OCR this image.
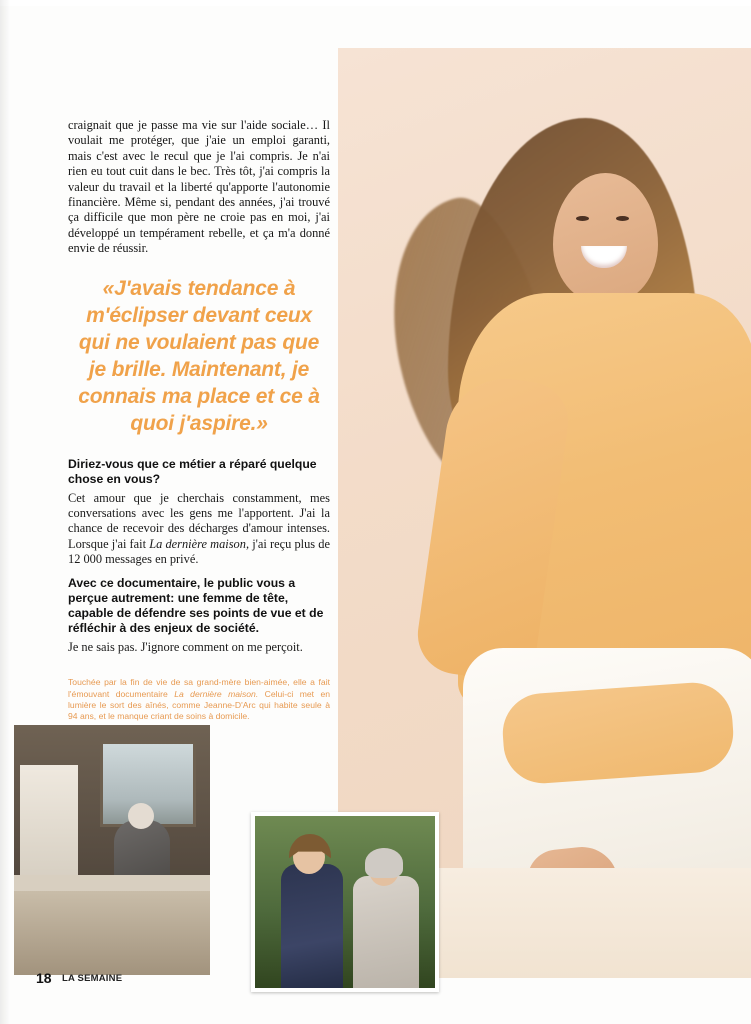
craignait que je passe ma vie sur l'aide sociale… Il voulait me protéger, que j'aie un emploi garanti, mais c'est avec le recul que je l'ai compris. Je n'ai rien eu tout cuit dans le bec. Très tôt, j'ai compris la valeur du travail et la liberté qu'apporte l'autonomie financière. Même si, pendant des années, j'ai trouvé ça difficile que mon père ne croie pas en moi, j'ai développé un tempérament rebelle, et ça m'a donné envie de réussir.

«J'avais tendance à m'éclipser devant ceux qui ne voulaient pas que je brille. Maintenant, je connais ma place et ce à quoi j'aspire.»

Diriez-vous que ce métier a réparé quelque chose en vous?

Cet amour que je cherchais constamment, mes conversations avec les gens me l'apportent. J'ai la chance de recevoir des décharges d'amour intenses. Lorsque j'ai fait La dernière maison, j'ai reçu plus de 12 000 messages en privé.

Avec ce documentaire, le public vous a perçue autrement: une femme de tête, capable de défendre ses points de vue et de réfléchir à des enjeux de société.

Je ne sais pas. J'ignore comment on me perçoit.

Touchée par la fin de vie de sa grand-mère bien-aimée, elle a fait l'émouvant documentaire La dernière maison. Celui-ci met en lumière le sort des aînés, comme Jeanne-D'Arc qui habite seule à 94 ans, et le manque criant de soins à domicile.

18 LA SEMAINE
